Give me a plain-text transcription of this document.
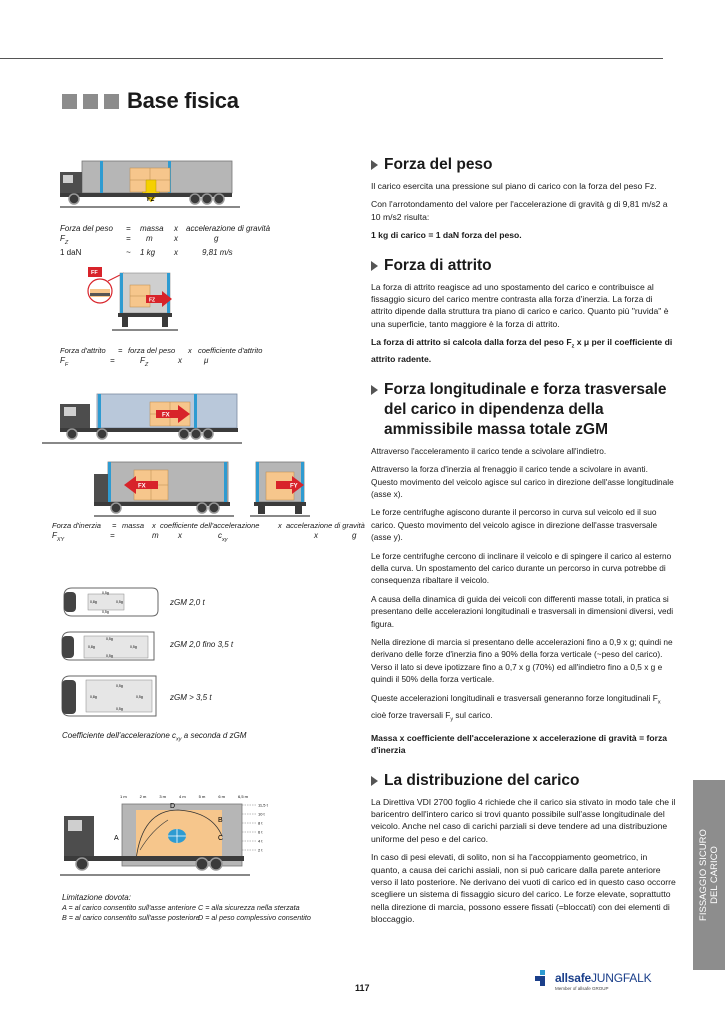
Base fisica
FZ
Forza del peso	=	massa	x	accelerazione di gravità
FZ	=	m	x	g
1 daN	~	1 kg	x	9,81 m/s
FF
FZ
Forza d'attrito	= forza del peso	x coefficiente d'attrito
FF	=	FZ	x	μ
FX
FX	FY
Forza d'inerzia	= massa	x coefficiente dell'accelerazione	x accelerazione di gravità
FXY	=	m	x	cxy	x	g
0,5g
0,8g	0,5g
0,5g
zGM 2,0 t
0,5g
0,8g	0,5g
0,5g
zGM 2,0 fino 3,5 t
0,5g
0,8g	0,5g
0,5g
zGM > 3,5 t
Coefficiente dell'accelerazione $c_{xy}$ a seconda d zGM
1 m	2 m	3 m	4 m	5 m	6 m	6,5 m
11,5 t
10 t
8 t
6 t
4 t
2 t
A
B
C
D
Limitazione dovota:
A = al carico consentito sull'asse anteriore C = alla sicurezza nella sterzata
B = al carico consentito sull'asse posteriore
D = al peso complessivo consentito
Forza del peso
Il carico esercita una pressione sul piano di carico con la forza del peso Fz.
Con l'arrotondamento del valore per l'accelerazione di gravità g di 9,81 m/s2 a 10 m/s2 risulta:
1 kg di carico = 1 daN forza del peso.
Forza di attrito
La forza di attrito reagisce ad uno spostamento del carico e contribuisce al fissaggio sicuro del carico mentre contrasta alla forza d'inerzia. La forza di attrito dipende dalla struttura tra piano di carico e carico. Quanto più "ruvida" è una superficie, tanto maggiore è la forza di attrito.
La forza di attrito si calcola dalla forza del peso $F_z$ x μ per il coefficiente di attrito radente.
Forza longitudinale e forza trasversale del carico in dipendenza della ammissibile massa totale zGM
Attraverso l'acceleramento il carico tende a scivolare all'indietro.
Attraverso la forza d'inerzia al frenaggio il carico tende a scivolare in avanti. Questo movimento del veicolo agisce sul carico in direzione dell'asse longitudinale (asse x).
Le forze centrifughe agiscono durante il percorso in curva sul veicolo ed il suo carico. Questo movimento del veicolo agisce in direzione dell'asse trasversale (asse y).
Le forze centrifughe cercono di inclinare il veicolo e di spingere il carico al esterno della curva. Un spostamento del carico durante un percorso in curva potrebbe di consequenza ribaltare il veicolo.
A causa della dinamica di guida dei veicoli con differenti masse totali, in pratica si presentano delle accelerazioni longitudinali e trasversali in dimensioni diversi, vedi figura.
Nella direzione di marcia si presentano delle accelerazioni fino a 0,9 x g; quindi ne derivano delle forze d'inerzia fino a 90% della forza verticale (~peso del carico). Verso il lato si deve ipotizzare fino a 0,7 x g (70%) ed all'indietro fino a 0,5 x g e quindi il 50% della forza verticale.
Queste accelerazioni longitudinali e trasversali generanno forze longitudinali $F_x$ cioè forze traversali $F_y$ sul carico.
Massa x coefficiente dell'accelerazione x accelerazione di gravità = forza d'inerzia
La distribuzione del carico
La Direttiva VDI 2700 foglio 4 richiede che il carico sia stivato in modo tale che il baricentro dell'intero carico si trovi quanto possibile sull'asse longitudinale del veicolo. Anche nel caso di carichi parziali si deve tendere ad una distribuzione uniforme del peso e del carico.
In caso di pesi elevati, di solito, non si ha l'accoppiamento geometrico, in quanto, a causa dei carichi assiali, non si può caricare dalla parete anteriore verso il lato posteriore. Ne derivano dei vuoti di carico ed in questo caso occorre scegliere un sistema di fissaggio sicuro del carico. Le forze elevate, soprattutto nella direzione di marcia, possono essere fissati (=bloccati) con dei elementi di bloccaggio.	FISSAGGIO SICURO DEL CARICO
117
allsafeJUNGFALK
Member of allsafe GROUP
